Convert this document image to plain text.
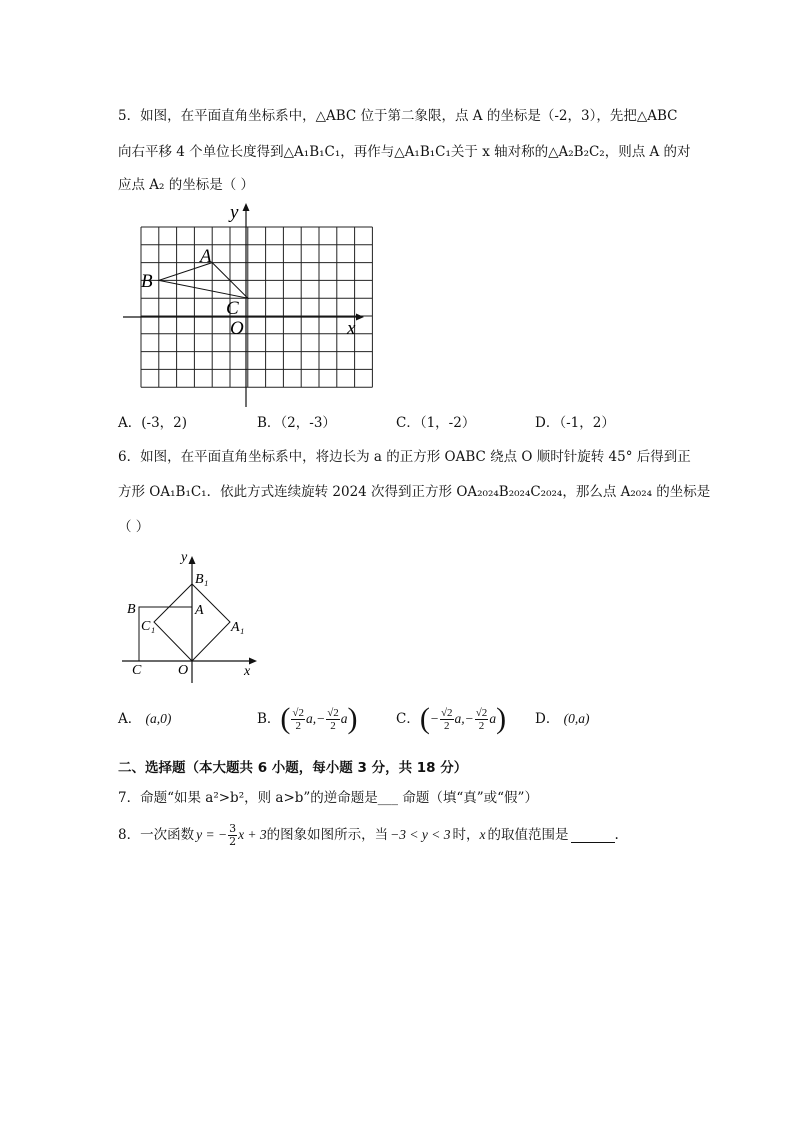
5．如图，在平面直角坐标系中，△ABC 位于第二象限，点 A 的坐标是（-2，3），先把△ABC
向右平移 4 个单位长度得到△A₁B₁C₁，再作与△A₁B₁C₁关于 x 轴对称的△A₂B₂C₂，则点 A 的对
应点 A₂ 的坐标是（ ）
y
x
A
B
C
O
A．(-3，2)	B．（2，-3）	C．（1，-2）	D．（-1，2）
6．如图，在平面直角坐标系中，将边长为 a 的正方形 OABC 绕点 O 顺时针旋转 45° 后得到正
方形 OA₁B₁C₁．依此方式连续旋转 2024 次得到正方形 OA₂₀₂₄B₂₀₂₄C₂₀₂₄，那么点 A₂₀₂₄ 的坐标是
（ ）
y
x
B₁
B	A
C₁	A₁
C	O
A． (a,0)	B． ( $\frac{√2}{2}$ a , − $\frac{√2}{2}$ a )	C． ( − $\frac{√2}{2}$ a , − $\frac{√2}{2}$ a ) D． (0,a)
二、选择题（本大题共 6 小题，每小题 3 分，共 18 分）
7．命题“如果 a²>b²，则 a>b”的逆命题是___ 命题（填“真”或“假”）
8．一次函数 y = − $\frac{3}{2}$ x + 3 的图象如图所示，当 −3 < y < 3 时， x 的取值范围是	.
